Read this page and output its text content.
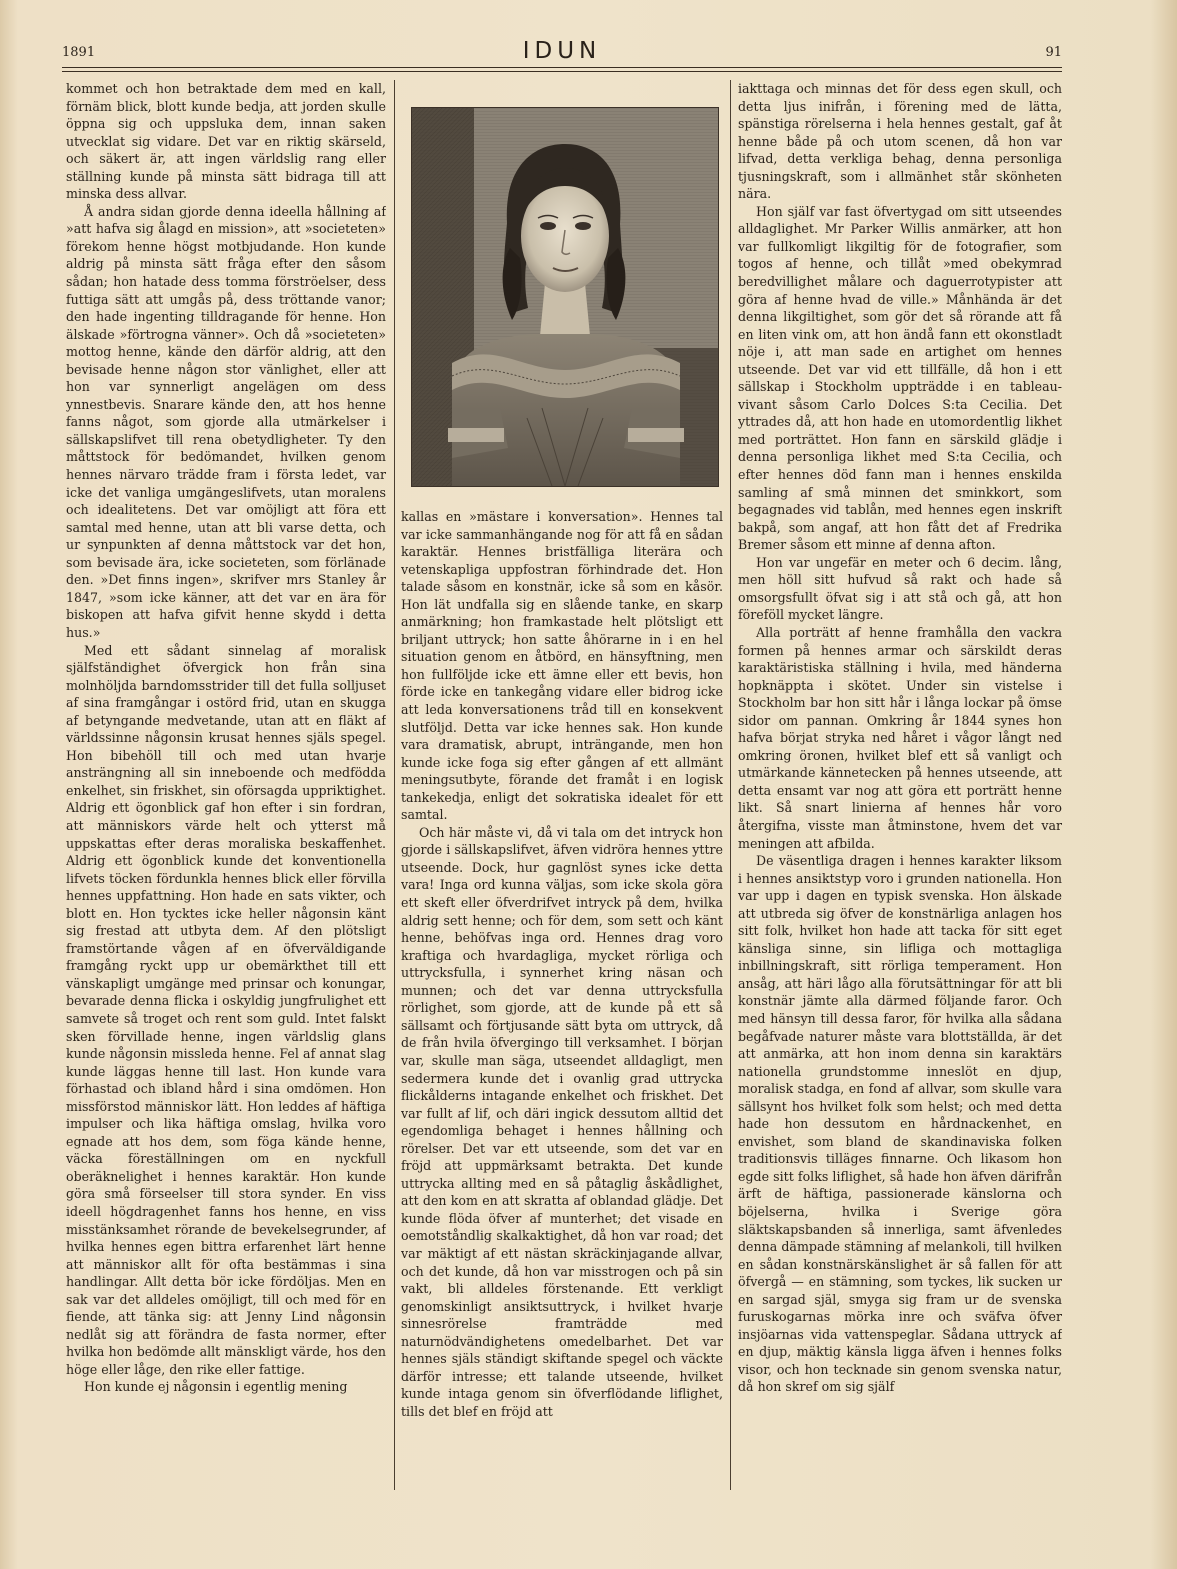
1891	IDUN	91

kommet och hon betraktade dem med en kall, förnäm blick, blott kunde bedja, att jorden skulle öppna sig och uppsluka dem, innan saken utvecklat sig vidare. Det var en riktig skärseld, och säkert är, att ingen världslig rang eller ställning kunde på minsta sätt bidraga till att minska dess allvar.

Å andra sidan gjorde denna ideella hållning af »att hafva sig ålagd en mission», att »societeten» förekom henne högst motbjudande. Hon kunde aldrig på minsta sätt fråga efter den såsom sådan; hon hatade dess tomma förströelser, dess futtiga sätt att umgås på, dess tröttande vanor; den hade ingenting tilldragande för henne. Hon älskade »förtrogna vänner». Och då »societeten» mottog henne, kände den därför aldrig, att den bevisade henne någon stor vänlighet, eller att hon var synnerligt angelägen om dess ynnestbevis. Snarare kände den, att hos henne fanns något, som gjorde alla utmärkelser i sällskapslifvet till rena obetydligheter. Ty den måttstock för bedömandet, hvilken genom hennes närvaro trädde fram i första ledet, var icke det vanliga umgängeslifvets, utan moralens och idealitetens. Det var omöjligt att föra ett samtal med henne, utan att bli varse detta, och ur synpunkten af denna måttstock var det hon, som bevisade ära, icke societeten, som förlänade den. »Det finns ingen», skrifver mrs Stanley år 1847, »som icke känner, att det var en ära för biskopen att hafva gifvit henne skydd i detta hus.»

Med ett sådant sinnelag af moralisk själfständighet öfvergick hon från sina molnhöljda barndomsstrider till det fulla solljuset af sina framgångar i ostörd frid, utan en skugga af betyngande medvetande, utan att en fläkt af världssinne någonsin krusat hennes själs spegel. Hon bibehöll till och med utan hvarje ansträngning all sin inneboende och medfödda enkelhet, sin friskhet, sin oförsagda uppriktighet. Aldrig ett ögonblick gaf hon efter i sin fordran, att människors värde helt och ytterst må uppskattas efter deras moraliska beskaffenhet. Aldrig ett ögonblick kunde det konventionella lifvets töcken fördunkla hennes blick eller förvilla hennes uppfattning. Hon hade en sats vikter, och blott en. Hon tycktes icke heller någonsin känt sig frestad att utbyta dem. Af den plötsligt framstörtande vågen af en öfverväldigande framgång ryckt upp ur obemärkthet till ett vänskapligt umgänge med prinsar och konungar, bevarade denna flicka i oskyldig jungfrulighet ett samvete så troget och rent som guld. Intet falskt sken förvillade henne, ingen världslig glans kunde någonsin missleda henne. Fel af annat slag kunde läggas henne till last. Hon kunde vara förhastad och ibland hård i sina omdömen. Hon missförstod människor lätt. Hon leddes af häftiga impulser och lika häftiga omslag, hvilka voro egnade att hos dem, som föga kände henne, väcka föreställningen om en nyckfull oberäknelighet i hennes karaktär. Hon kunde göra små förseelser till stora synder. En viss ideell högdragenhet fanns hos henne, en viss misstänksamhet rörande de bevekelsegrunder, af hvilka hennes egen bittra erfarenhet lärt henne att människor allt för ofta bestämmas i sina handlingar. Allt detta bör icke fördöljas. Men en sak var det alldeles omöjligt, till och med för en fiende, att tänka sig: att Jenny Lind någonsin nedlåt sig att förändra de fasta normer, efter hvilka hon bedömde allt mänskligt värde, hos den höge eller låge, den rike eller fattige.

Hon kunde ej någonsin i egentlig mening

kallas en »mästare i konversation». Hennes tal var icke sammanhängande nog för att få en sådan karaktär. Hennes bristfälliga literära och vetenskapliga uppfostran förhindrade det. Hon talade såsom en konstnär, icke så som en kåsör. Hon lät undfalla sig en slående tanke, en skarp anmärkning; hon framkastade helt plötsligt ett briljant uttryck; hon satte åhörarne in i en hel situation genom en åtbörd, en hänsyftning, men hon fullföljde icke ett ämne eller ett bevis, hon förde icke en tankegång vidare eller bidrog icke att leda konversationens tråd till en konsekvent slutföljd. Detta var icke hennes sak. Hon kunde vara dramatisk, abrupt, inträngande, men hon kunde icke foga sig efter gången af ett allmänt meningsutbyte, förande det framåt i en logisk tankekedja, enligt det sokratiska idealet för ett samtal.

Och här måste vi, då vi tala om det intryck hon gjorde i sällskapslifvet, äfven vidröra hennes yttre utseende. Dock, hur gagnlöst synes icke detta vara! Inga ord kunna väljas, som icke skola göra ett skeft eller öfverdrifvet intryck på dem, hvilka aldrig sett henne; och för dem, som sett och känt henne, behöfvas inga ord. Hennes drag voro kraftiga och hvardagliga, mycket rörliga och uttrycksfulla, i synnerhet kring näsan och munnen; och det var denna uttrycksfulla rörlighet, som gjorde, att de kunde på ett så sällsamt och förtjusande sätt byta om uttryck, då de från hvila öfvergingo till verksamhet. I början var, skulle man säga, utseendet alldagligt, men sedermera kunde det i ovanlig grad uttrycka flickålderns intagande enkelhet och friskhet. Det var fullt af lif, och däri ingick dessutom alltid det egendomliga behaget i hennes hållning och rörelser. Det var ett utseende, som det var en fröjd att uppmärksamt betrakta. Det kunde uttrycka allting med en så påtaglig åskådlighet, att den kom en att skratta af oblandad glädje. Det kunde flöda öfver af munterhet; det visade en oemotståndlig skalkaktighet, då hon var road; det var mäktigt af ett nästan skräckinjagande allvar, och det kunde, då hon var misstrogen och på sin vakt, bli alldeles förstenande. Ett verkligt genomskinligt ansiktsuttryck, i hvilket hvarje sinnesrörelse framträdde med naturnödvändighetens omedelbarhet. Det var hennes själs ständigt skiftande spegel och väckte därför intresse; ett talande utseende, hvilket kunde intaga genom sin öfverflödande liflighet, tills det blef en fröjd att

iakttaga och minnas det för dess egen skull, och detta ljus inifrån, i förening med de lätta, spänstiga rörelserna i hela hennes gestalt, gaf åt henne både på och utom scenen, då hon var lifvad, detta verkliga behag, denna personliga tjusningskraft, som i allmänhet står skönheten nära.

Hon själf var fast öfvertygad om sitt utseendes alldaglighet. Mr Parker Willis anmärker, att hon var fullkomligt likgiltig för de fotografier, som togos af henne, och tillåt »med obekymrad beredvillighet målare och daguerrotypister att göra af henne hvad de ville.» Månhända är det denna likgiltighet, som gör det så rörande att få en liten vink om, att hon ändå fann ett okonstladt nöje i, att man sade en artighet om hennes utseende. Det var vid ett tillfälle, då hon i ett sällskap i Stockholm uppträdde i en tableau-vivant såsom Carlo Dolces S:ta Cecilia. Det yttrades då, att hon hade en utomordentlig likhet med porträttet. Hon fann en särskild glädje i denna personliga likhet med S:ta Cecilia, och efter hennes död fann man i hennes enskilda samling af små minnen det sminkkort, som begagnades vid tablån, med hennes egen inskrift bakpå, som angaf, att hon fått det af Fredrika Bremer såsom ett minne af denna afton.

Hon var ungefär en meter och 6 decim. lång, men höll sitt hufvud så rakt och hade så omsorgsfullt öfvat sig i att stå och gå, att hon föreföll mycket längre.

Alla porträtt af henne framhålla den vackra formen på hennes armar och särskildt deras karaktäristiska ställning i hvila, med händerna hopknäppta i skötet. Under sin vistelse i Stockholm bar hon sitt hår i långa lockar på ömse sidor om pannan. Omkring år 1844 synes hon hafva börjat stryka ned håret i vågor långt ned omkring öronen, hvilket blef ett så vanligt och utmärkande kännetecken på hennes utseende, att detta ensamt var nog att göra ett porträtt henne likt. Så snart linierna af hennes hår voro återgifna, visste man åtminstone, hvem det var meningen att afbilda.

De väsentliga dragen i hennes karakter liksom i hennes ansiktstyp voro i grunden nationella. Hon var upp i dagen en typisk svenska. Hon älskade att utbreda sig öfver de konstnärliga anlagen hos sitt folk, hvilket hon hade att tacka för sitt eget känsliga sinne, sin lifliga och mottagliga inbillningskraft, sitt rörliga temperament. Hon ansåg, att häri lågo alla förutsättningar för att bli konstnär jämte alla därmed följande faror. Och med hänsyn till dessa faror, för hvilka alla sådana begåfvade naturer måste vara blottställda, är det att anmärka, att hon inom denna sin karaktärs nationella grundstomme inneslöt en djup, moralisk stadga, en fond af allvar, som skulle vara sällsynt hos hvilket folk som helst; och med detta hade hon dessutom en hårdnackenhet, en envishet, som bland de skandinaviska folken traditionsvis tilläges finnarne. Och likasom hon egde sitt folks liflighet, så hade hon äfven därifrån ärft de häftiga, passionerade känslorna och böjelserna, hvilka i Sverige göra släktskapsbanden så innerliga, samt äfvenledes denna dämpade stämning af melankoli, till hvilken en sådan konstnärskänslighet är så fallen för att öfvergå — en stämning, som tyckes, lik sucken ur en sargad själ, smyga sig fram ur de svenska furuskogarnas mörka inre och sväfva öfver insjöarnas vida vattenspeglar. Sådana uttryck af en djup, mäktig känsla ligga äfven i hennes folks visor, och hon tecknade sin genom svenska natur, då hon skref om sig själf
